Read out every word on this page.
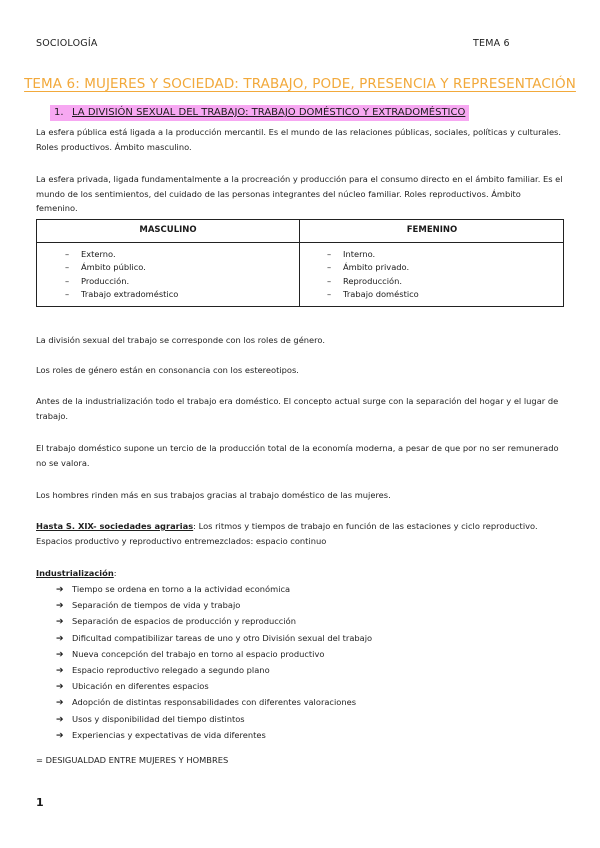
SOCIOLOGÍA	TEMA 6
TEMA 6: MUJERES Y SOCIEDAD: TRABAJO, PODE, PRESENCIA Y REPRESENTACIÓN
1. LA DIVISIÓN SEXUAL DEL TRABAJO: TRABAJO DOMÉSTICO Y EXTRADOMÉSTICO
La esfera pública está ligada a la producción mercantil. Es el mundo de las relaciones públicas, sociales, políticas y culturales. Roles productivos. Ámbito masculino.
La esfera privada, ligada fundamentalmente a la procreación y producción para el consumo directo en el ámbito familiar. Es el mundo de los sentimientos, del cuidado de las personas integrantes del núcleo familiar. Roles reproductivos. Ámbito femenino.
MASCULINO	FEMENINO
– Externo.
– Ámbito público.
– Producción.
– Trabajo extradoméstico
– Interno.
– Ámbito privado.
– Reproducción.
– Trabajo doméstico
La división sexual del trabajo se corresponde con los roles de género.
Los roles de género están en consonancia con los estereotipos.
Antes de la industrialización todo el trabajo era doméstico. El concepto actual surge con la separación del hogar y el lugar de trabajo.
El trabajo doméstico supone un tercio de la producción total de la economía moderna, a pesar de que por no ser remunerado no se valora.
Los hombres rinden más en sus trabajos gracias al trabajo doméstico de las mujeres.
Hasta S. XIX- sociedades agrarias: Los ritmos y tiempos de trabajo en función de las estaciones y ciclo reproductivo. Espacios productivo y reproductivo entremezclados: espacio continuo
Industrialización:
➔ Tiempo se ordena en torno a la actividad económica
➔ Separación de tiempos de vida y trabajo
➔ Separación de espacios de producción y reproducción
➔ Dificultad compatibilizar tareas de uno y otro División sexual del trabajo
➔ Nueva concepción del trabajo en torno al espacio productivo
➔ Espacio reproductivo relegado a segundo plano
➔ Ubicación en diferentes espacios
➔ Adopción de distintas responsabilidades con diferentes valoraciones
➔ Usos y disponibilidad del tiempo distintos
➔ Experiencias y expectativas de vida diferentes
= DESIGUALDAD ENTRE MUJERES Y HOMBRES
1
